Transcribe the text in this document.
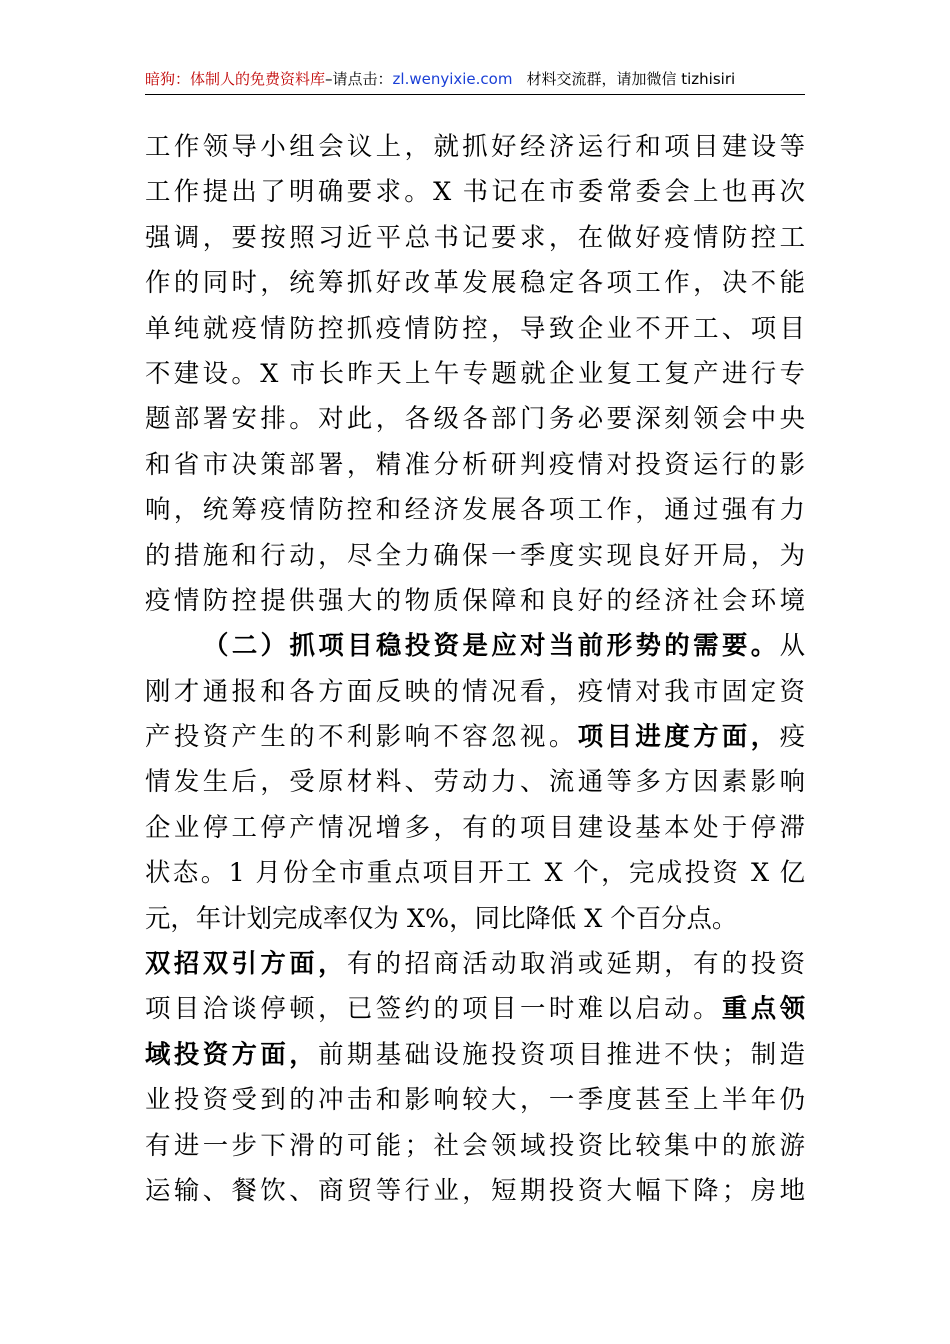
暗狗：体制人的免费资料库–请点击：zl.wenyixie.com 材料交流群，请加微信 tizhisiri
工作领导小组会议上，就抓好经济运行和项目建设等
工作提出了明确要求。X 书记在市委常委会上也再次
强调，要按照习近平总书记要求，在做好疫情防控工
作的同时，统筹抓好改革发展稳定各项工作，决不能
单纯就疫情防控抓疫情防控，导致企业不开工、项目
不建设。X 市长昨天上午专题就企业复工复产进行专
题部署安排。对此，各级各部门务必要深刻领会中央
和省市决策部署，精准分析研判疫情对投资运行的影
响，统筹疫情防控和经济发展各项工作，通过强有力
的措施和行动，尽全力确保一季度实现良好开局，为
疫情防控提供强大的物质保障和良好的经济社会环境
（二）抓项目稳投资是应对当前形势的需要。从
刚才通报和各方面反映的情况看，疫情对我市固定资
产投资产生的不利影响不容忽视。项目进度方面，疫
情发生后，受原材料、劳动力、流通等多方因素影响
企业停工停产情况增多，有的项目建设基本处于停滞
状态。1 月份全市重点项目开工 X 个，完成投资 X 亿
元，年计划完成率仅为 X%，同比降低 X 个百分点。
双招双引方面，有的招商活动取消或延期，有的投资
项目洽谈停顿，已签约的项目一时难以启动。重点领
域投资方面，前期基础设施投资项目推进不快；制造
业投资受到的冲击和影响较大，一季度甚至上半年仍
有进一步下滑的可能；社会领域投资比较集中的旅游
运输、餐饮、商贸等行业，短期投资大幅下降；房地
